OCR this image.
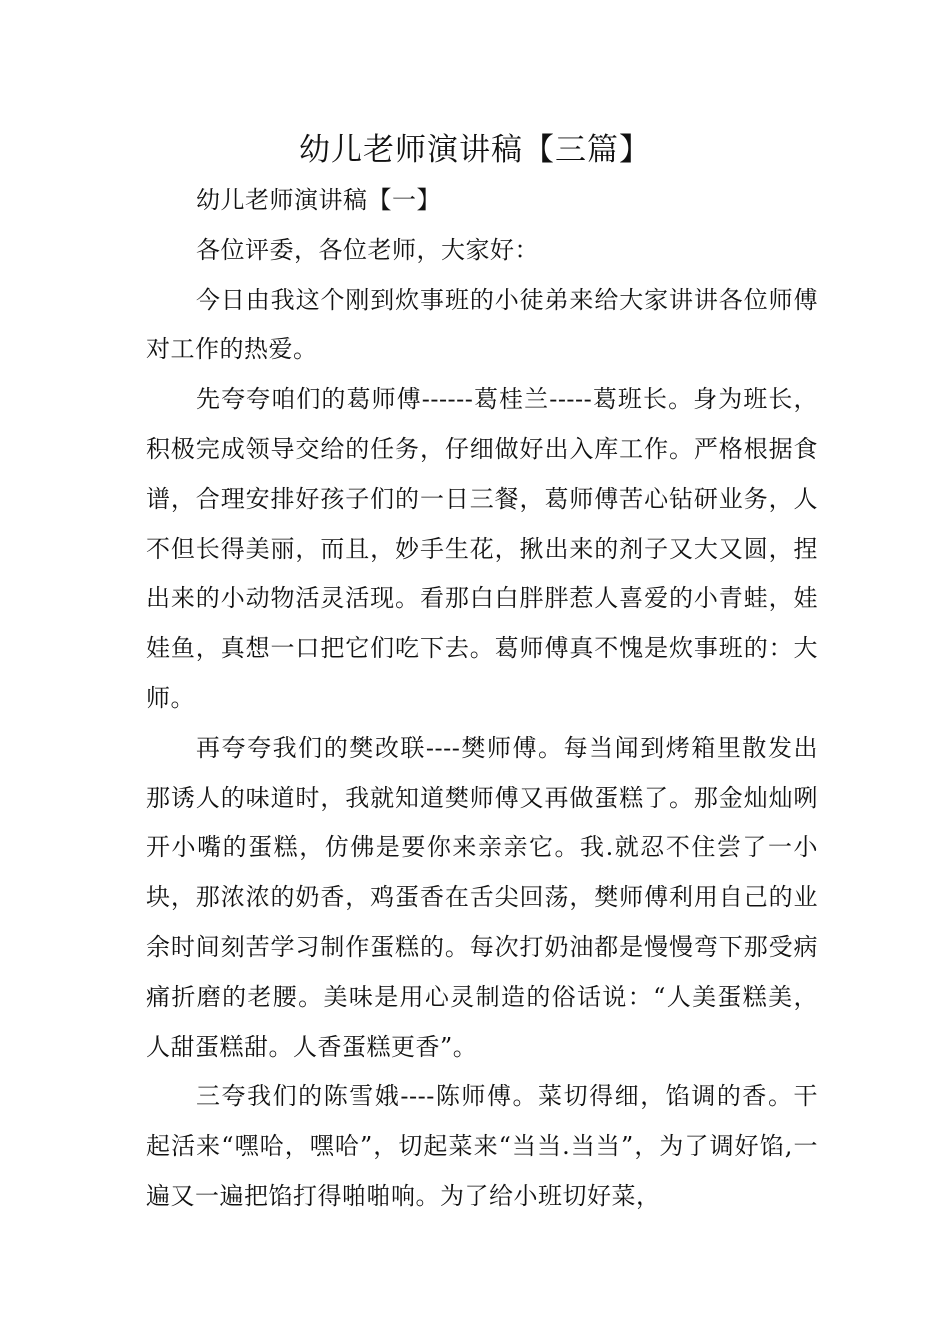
幼儿老师演讲稿【三篇】

幼儿老师演讲稿【一】

各位评委，各位老师，大家好：

今日由我这个刚到炊事班的小徒弟来给大家讲讲各位师傅对工作的热爱。

先夸夸咱们的葛师傅------葛桂兰-----葛班长。身为班长，积极完成领导交给的任务，仔细做好出入库工作。严格根据食谱，合理安排好孩子们的一日三餐，葛师傅苦心钻研业务，人不但长得美丽，而且，妙手生花，揪出来的剂子又大又圆，捏出来的小动物活灵活现。看那白白胖胖惹人喜爱的小青蛙，娃娃鱼，真想一口把它们吃下去。葛师傅真不愧是炊事班的：大师。

再夸夸我们的樊改联----樊师傅。每当闻到烤箱里散发出那诱人的味道时，我就知道樊师傅又再做蛋糕了。那金灿灿咧开小嘴的蛋糕，仿佛是要你来亲亲它。我.就忍不住尝了一小块，那浓浓的奶香，鸡蛋香在舌尖回荡，樊师傅利用自己的业余时间刻苦学习制作蛋糕的。每次打奶油都是慢慢弯下那受病痛折磨的老腰。美味是用心灵制造的俗话说：“人美蛋糕美，人甜蛋糕甜。人香蛋糕更香”。

三夸我们的陈雪娥----陈师傅。菜切得细，馅调的香。干起活来“嘿哈，嘿哈”，切起菜来“当当.当当”，为了调好馅,一遍又一遍把馅打得啪啪响。为了给小班切好菜，
